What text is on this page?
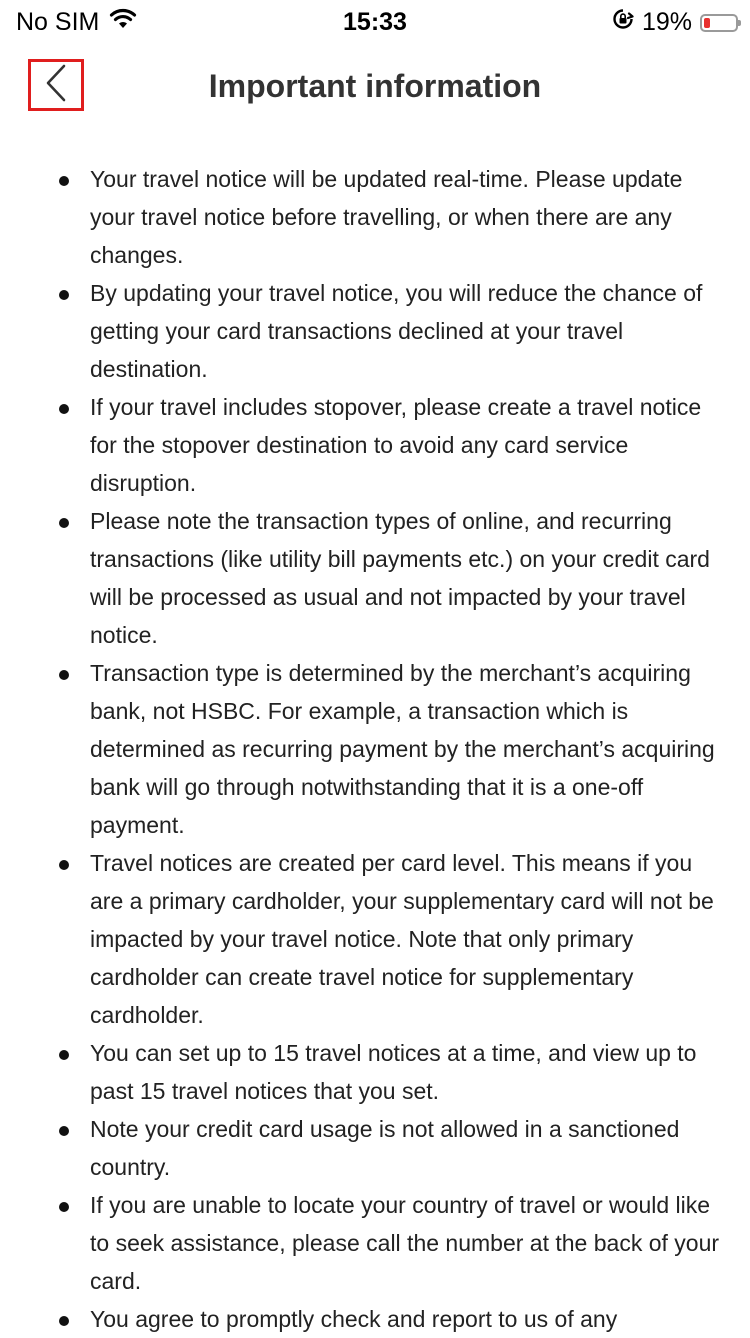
No SIM	15:33	19%
Important information
Your travel notice will be updated real-time. Please update your travel notice before travelling, or when there are any changes.
By updating your travel notice, you will reduce the chance of getting your card transactions declined at your travel destination.
If your travel includes stopover, please create a travel notice for the stopover destination to avoid any card service disruption.
Please note the transaction types of online, and recurring transactions (like utility bill payments etc.) on your credit card will be processed as usual and not impacted by your travel notice.
Transaction type is determined by the merchant’s acquiring bank, not HSBC. For example, a transaction which is determined as recurring payment by the merchant’s acquiring bank will go through notwithstanding that it is a one-off payment.
Travel notices are created per card level. This means if you are a primary cardholder, your supplementary card will not be impacted by your travel notice. Note that only primary cardholder can create travel notice for supplementary cardholder.
You can set up to 15 travel notices at a time, and view up to past 15 travel notices that you set.
Note your credit card usage is not allowed in a sanctioned country.
If you are unable to locate your country of travel or would like to seek assistance, please call the number at the back of your card.
You agree to promptly check and report to us of any
